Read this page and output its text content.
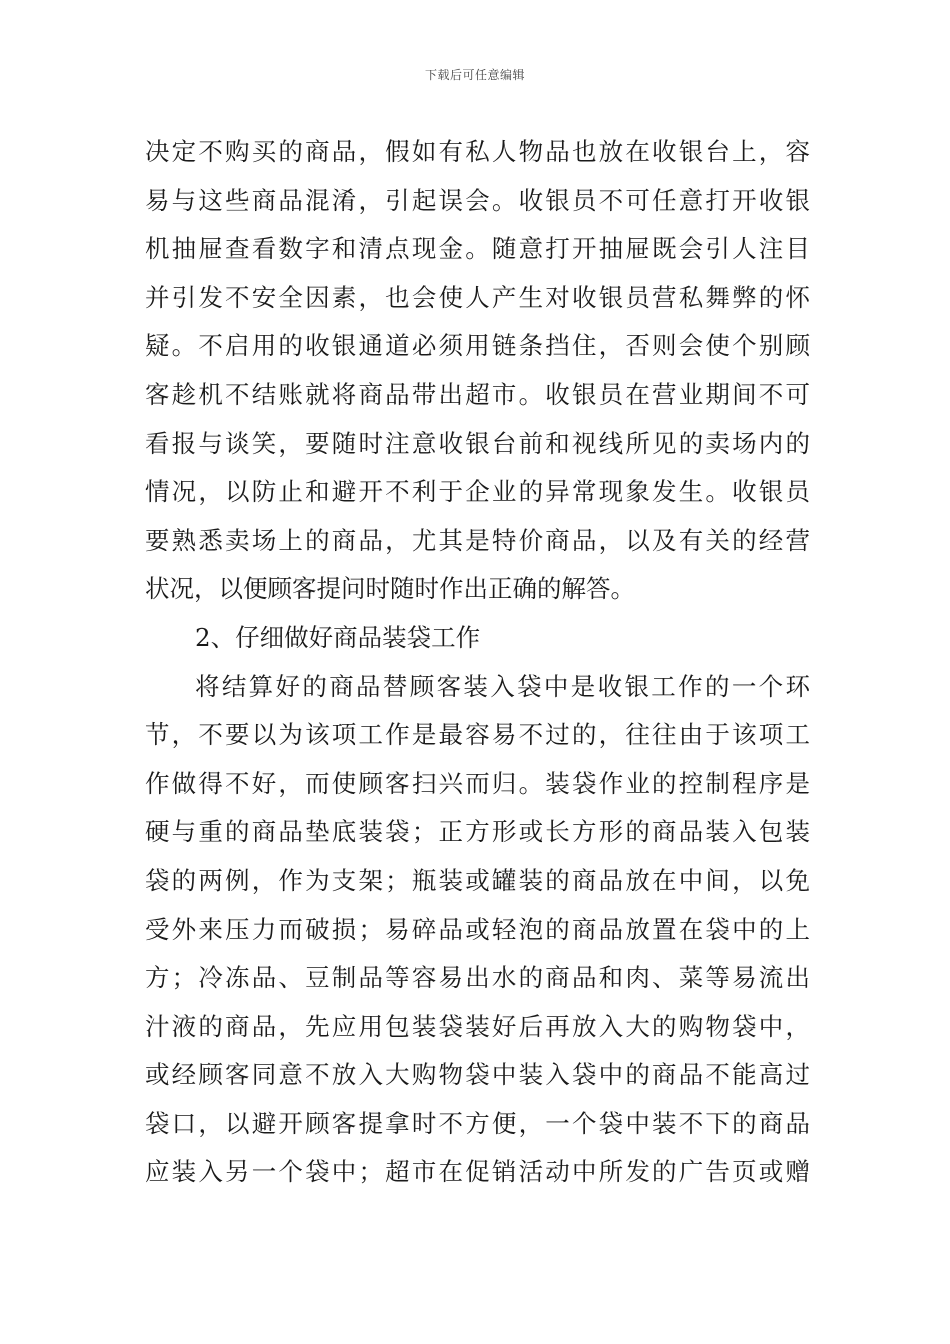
下载后可任意编辑
决定不购买的商品，假如有私人物品也放在收银台上，容
易与这些商品混淆，引起误会。收银员不可任意打开收银
机抽屉查看数字和清点现金。随意打开抽屉既会引人注目
并引发不安全因素，也会使人产生对收银员营私舞弊的怀
疑。不启用的收银通道必须用链条挡住，否则会使个别顾
客趁机不结账就将商品带出超市。收银员在营业期间不可
看报与谈笑，要随时注意收银台前和视线所见的卖场内的
情况，以防止和避开不利于企业的异常现象发生。收银员
要熟悉卖场上的商品，尤其是特价商品，以及有关的经营
状况，以便顾客提问时随时作出正确的解答。
2、仔细做好商品装袋工作
将结算好的商品替顾客装入袋中是收银工作的一个环
节，不要以为该项工作是最容易不过的，往往由于该项工
作做得不好，而使顾客扫兴而归。装袋作业的控制程序是
硬与重的商品垫底装袋；正方形或长方形的商品装入包装
袋的两例，作为支架；瓶装或罐装的商品放在中间，以免
受外来压力而破损；易碎品或轻泡的商品放置在袋中的上
方；冷冻品、豆制品等容易出水的商品和肉、菜等易流出
汁液的商品，先应用包装袋装好后再放入大的购物袋中，
或经顾客同意不放入大购物袋中装入袋中的商品不能高过
袋口，以避开顾客提拿时不方便，一个袋中装不下的商品
应装入另一个袋中；超市在促销活动中所发的广告页或赠
